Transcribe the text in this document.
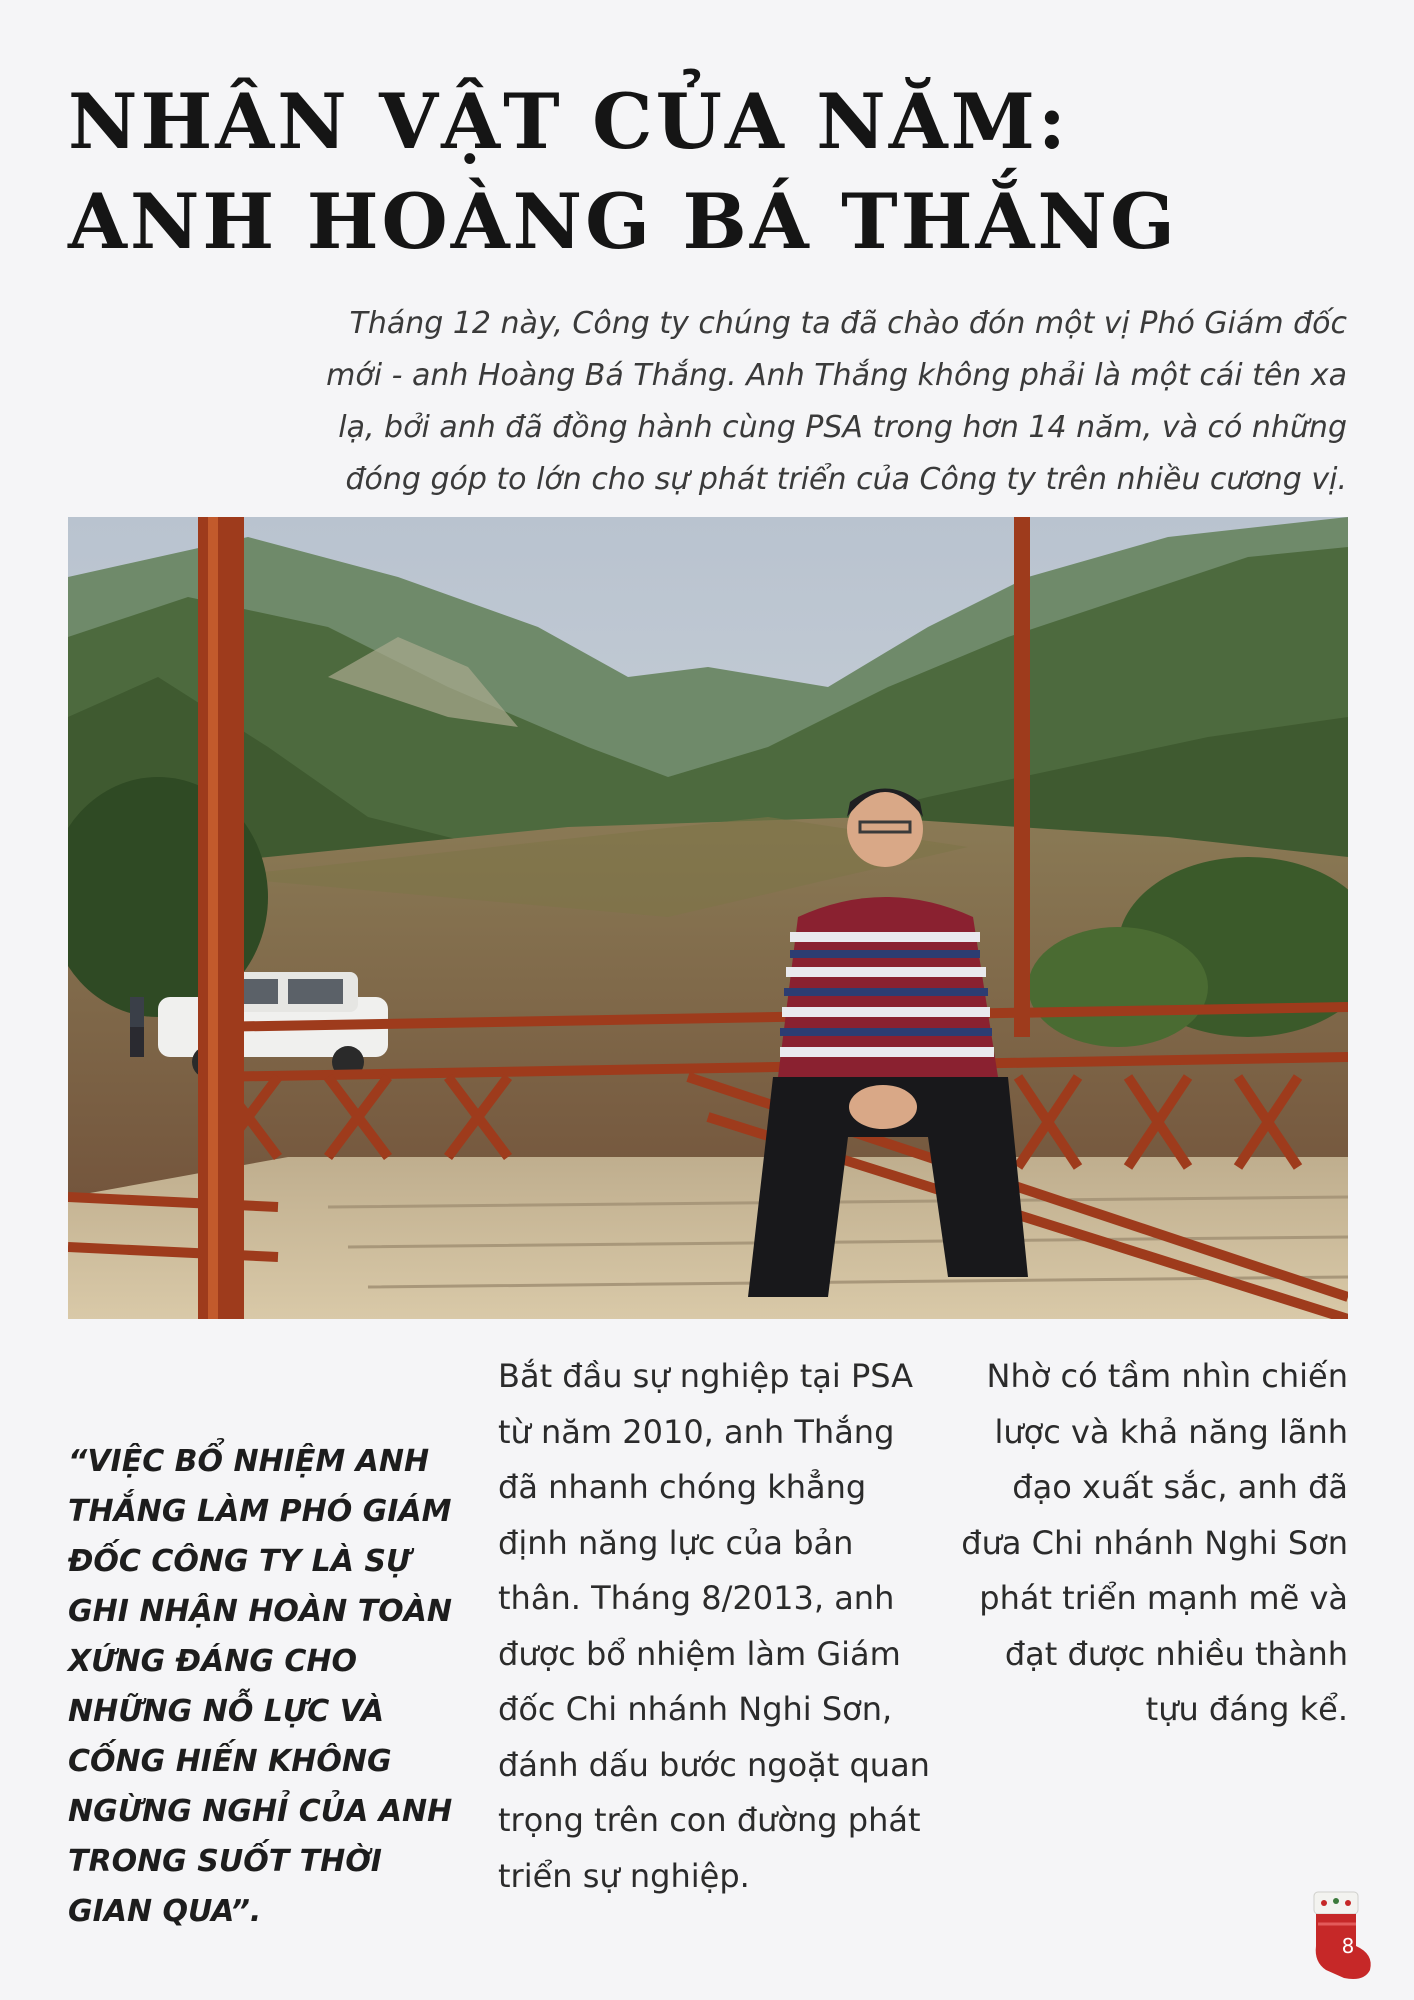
NHÂN VẬT CỦA NĂM:
ANH HOÀNG BÁ THẮNG

Tháng 12 này, Công ty chúng ta đã chào đón một vị Phó Giám đốc mới - anh Hoàng Bá Thắng. Anh Thắng không phải là một cái tên xa lạ, bởi anh đã đồng hành cùng PSA trong hơn 14 năm, và có những đóng góp to lớn cho sự phát triển của Công ty trên nhiều cương vị.

“VIỆC BỔ NHIỆM ANH THẮNG LÀM PHÓ GIÁM ĐỐC CÔNG TY LÀ SỰ GHI NHẬN HOÀN TOÀN XỨNG ĐÁNG CHO NHỮNG NỖ LỰC VÀ CỐNG HIẾN KHÔNG NGỪNG NGHỈ CỦA ANH TRONG SUỐT THỜI GIAN QUA”.

Bắt đầu sự nghiệp tại PSA từ năm 2010, anh Thắng đã nhanh chóng khẳng định năng lực của bản thân. Tháng 8/2013, anh được bổ nhiệm làm Giám đốc Chi nhánh Nghi Sơn, đánh dấu bước ngoặt quan trọng trên con đường phát triển sự nghiệp.

Nhờ có tầm nhìn chiến lược và khả năng lãnh đạo xuất sắc, anh đã đưa Chi nhánh Nghi Sơn phát triển mạnh mẽ và đạt được nhiều thành tựu đáng kể.

8
